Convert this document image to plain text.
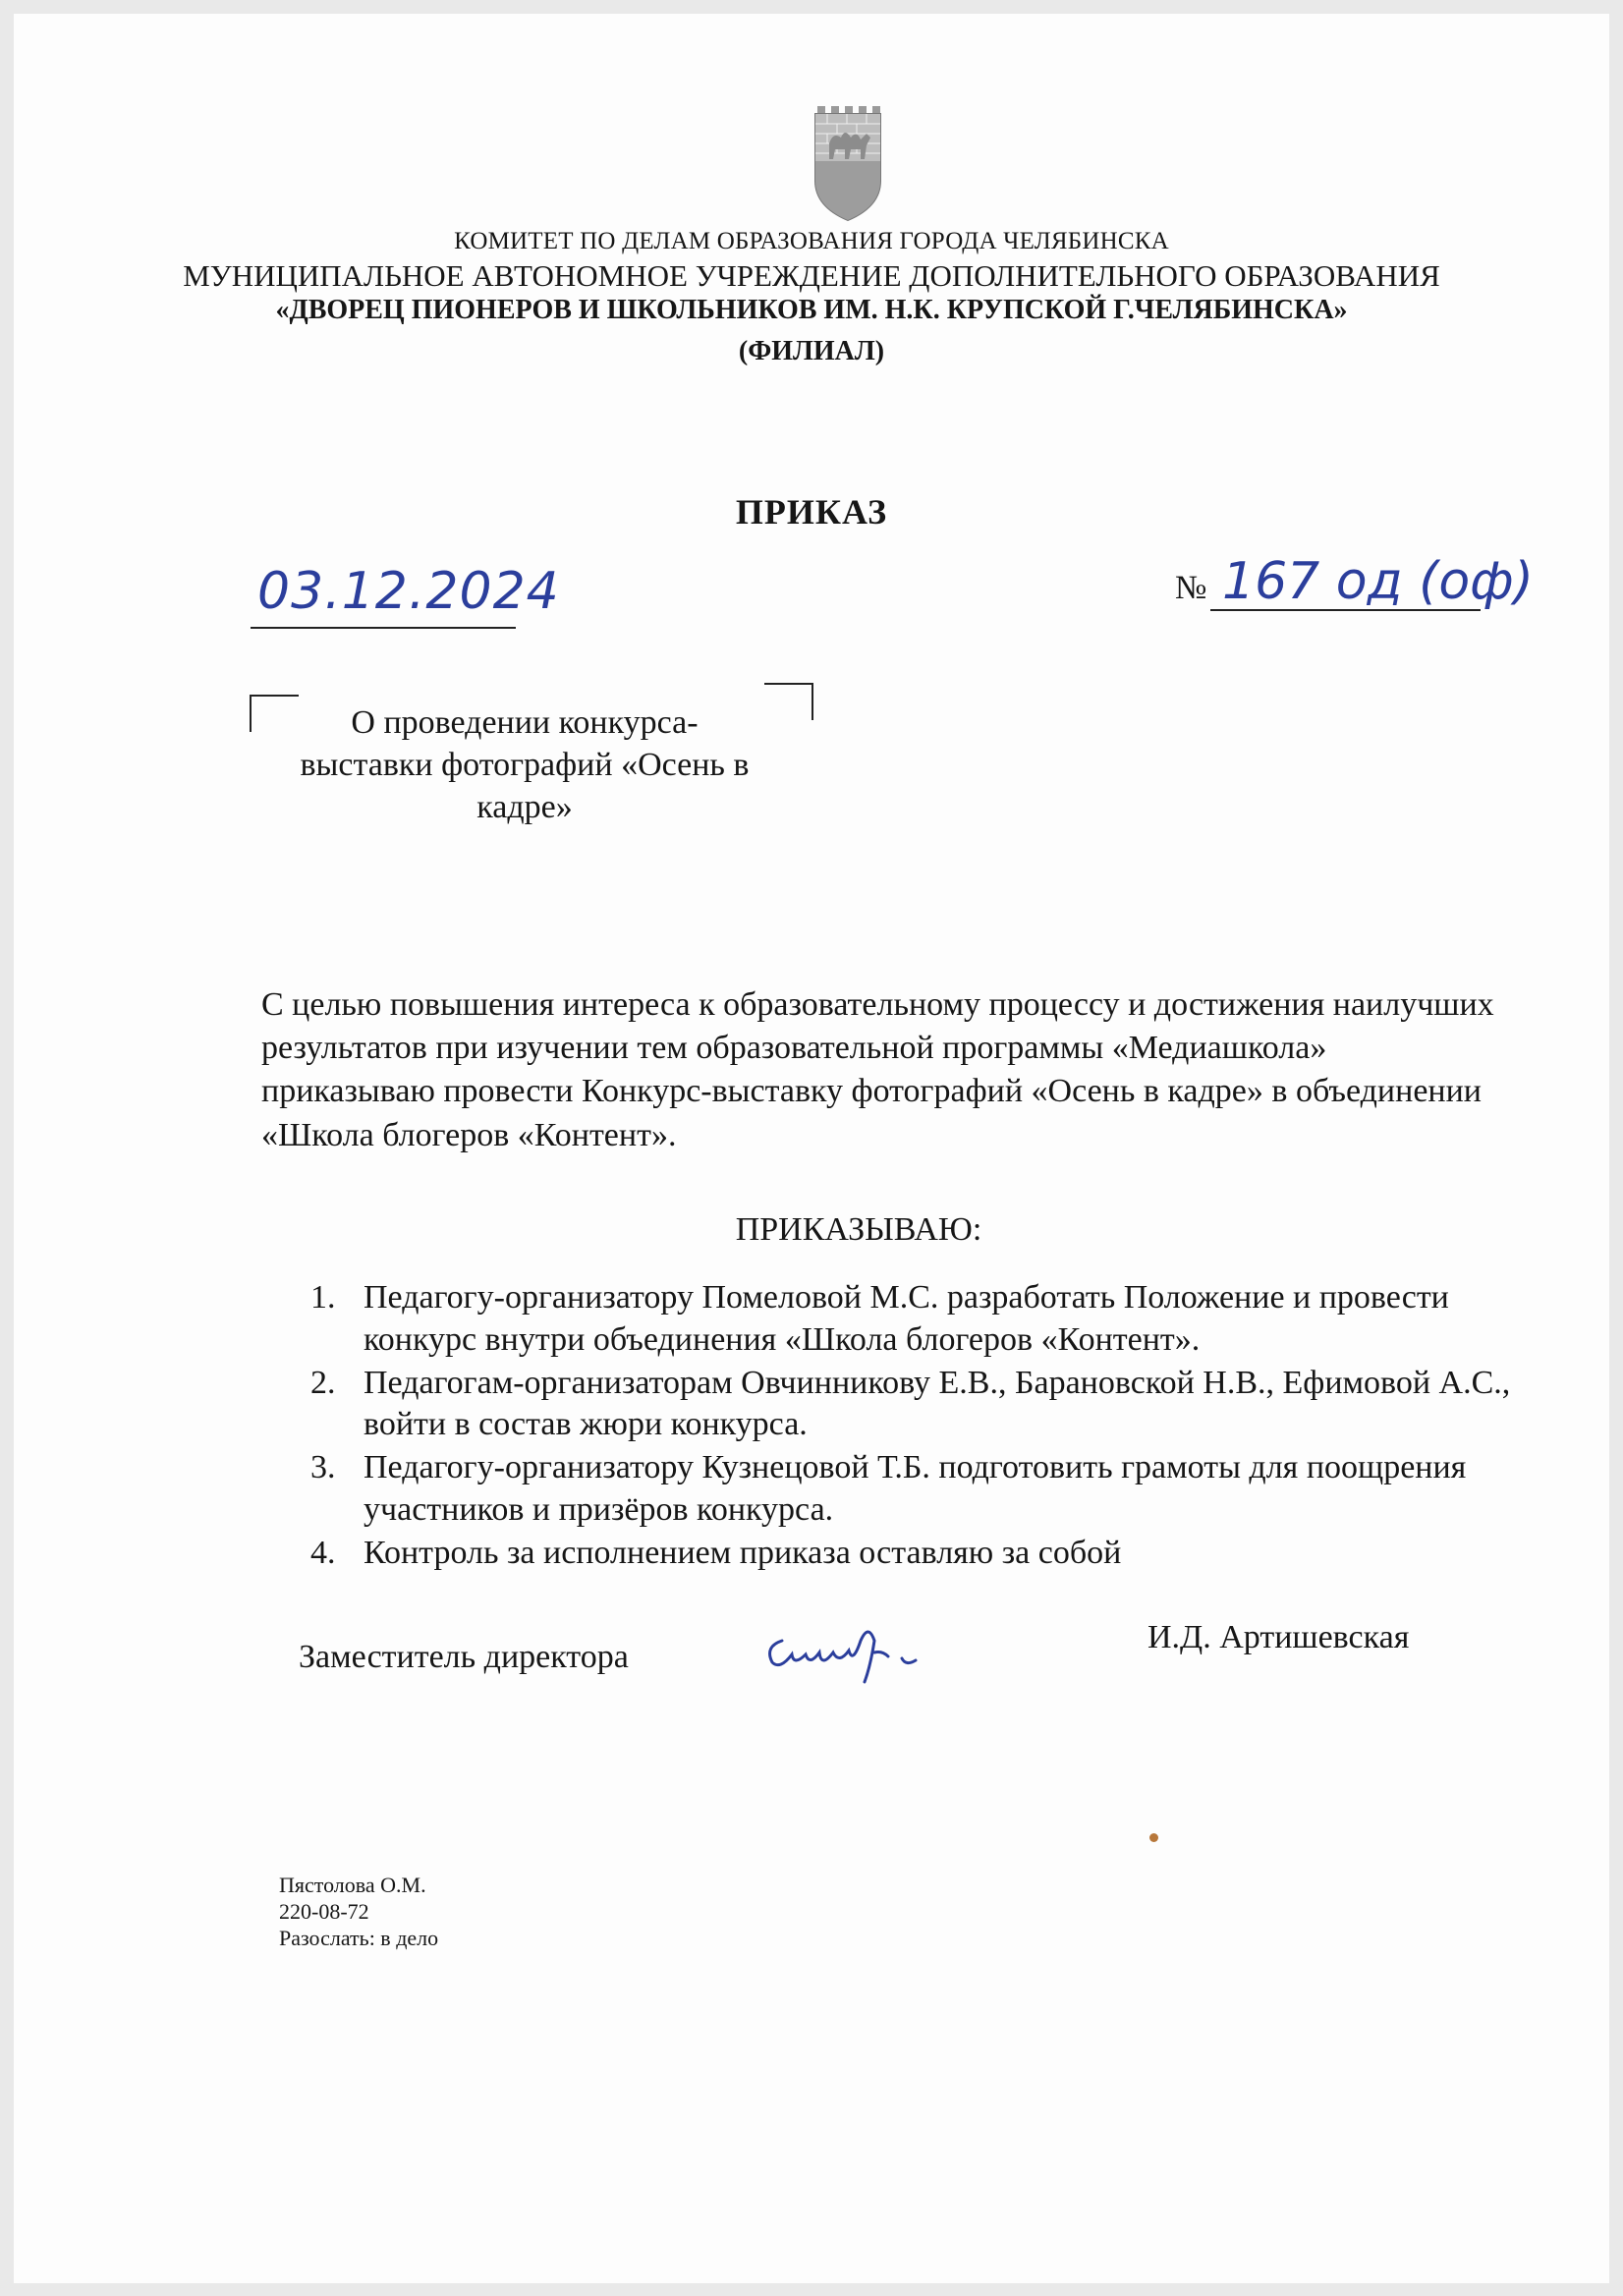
КОМИТЕТ ПО ДЕЛАМ ОБРАЗОВАНИЯ ГОРОДА ЧЕЛЯБИНСКА
МУНИЦИПАЛЬНОЕ АВТОНОМНОЕ УЧРЕЖДЕНИЕ ДОПОЛНИТЕЛЬНОГО ОБРАЗОВАНИЯ
«ДВОРЕЦ ПИОНЕРОВ И ШКОЛЬНИКОВ ИМ. Н.К. КРУПСКОЙ Г.ЧЕЛЯБИНСКА»
(ФИЛИАЛ)
ПРИКАЗ
03.12.2024	№ 167 од (оф)
О проведении конкурса-
выставки фотографий «Осень в
кадре»
С целью повышения интереса к образовательному процессу и достижения наилучших результатов при изучении тем образовательной программы «Медиашкола» приказываю провести Конкурс-выставку фотографий «Осень в кадре» в объединении «Школа блогеров «Контент».
ПРИКАЗЫВАЮ:
1. Педагогу-организатору Помеловой М.С. разработать Положение и провести конкурс внутри объединения «Школа блогеров «Контент».
2. Педагогам-организаторам Овчинникову Е.В., Барановской Н.В., Ефимовой А.С., войти в состав жюри конкурса.
3. Педагогу-организатору Кузнецовой Т.Б. подготовить грамоты для поощрения участников и призёров конкурса.
4. Контроль за исполнением приказа оставляю за собой
Заместитель директора
И.Д. Артишевская
Пястолова О.М.
220-08-72
Разослать: в дело
